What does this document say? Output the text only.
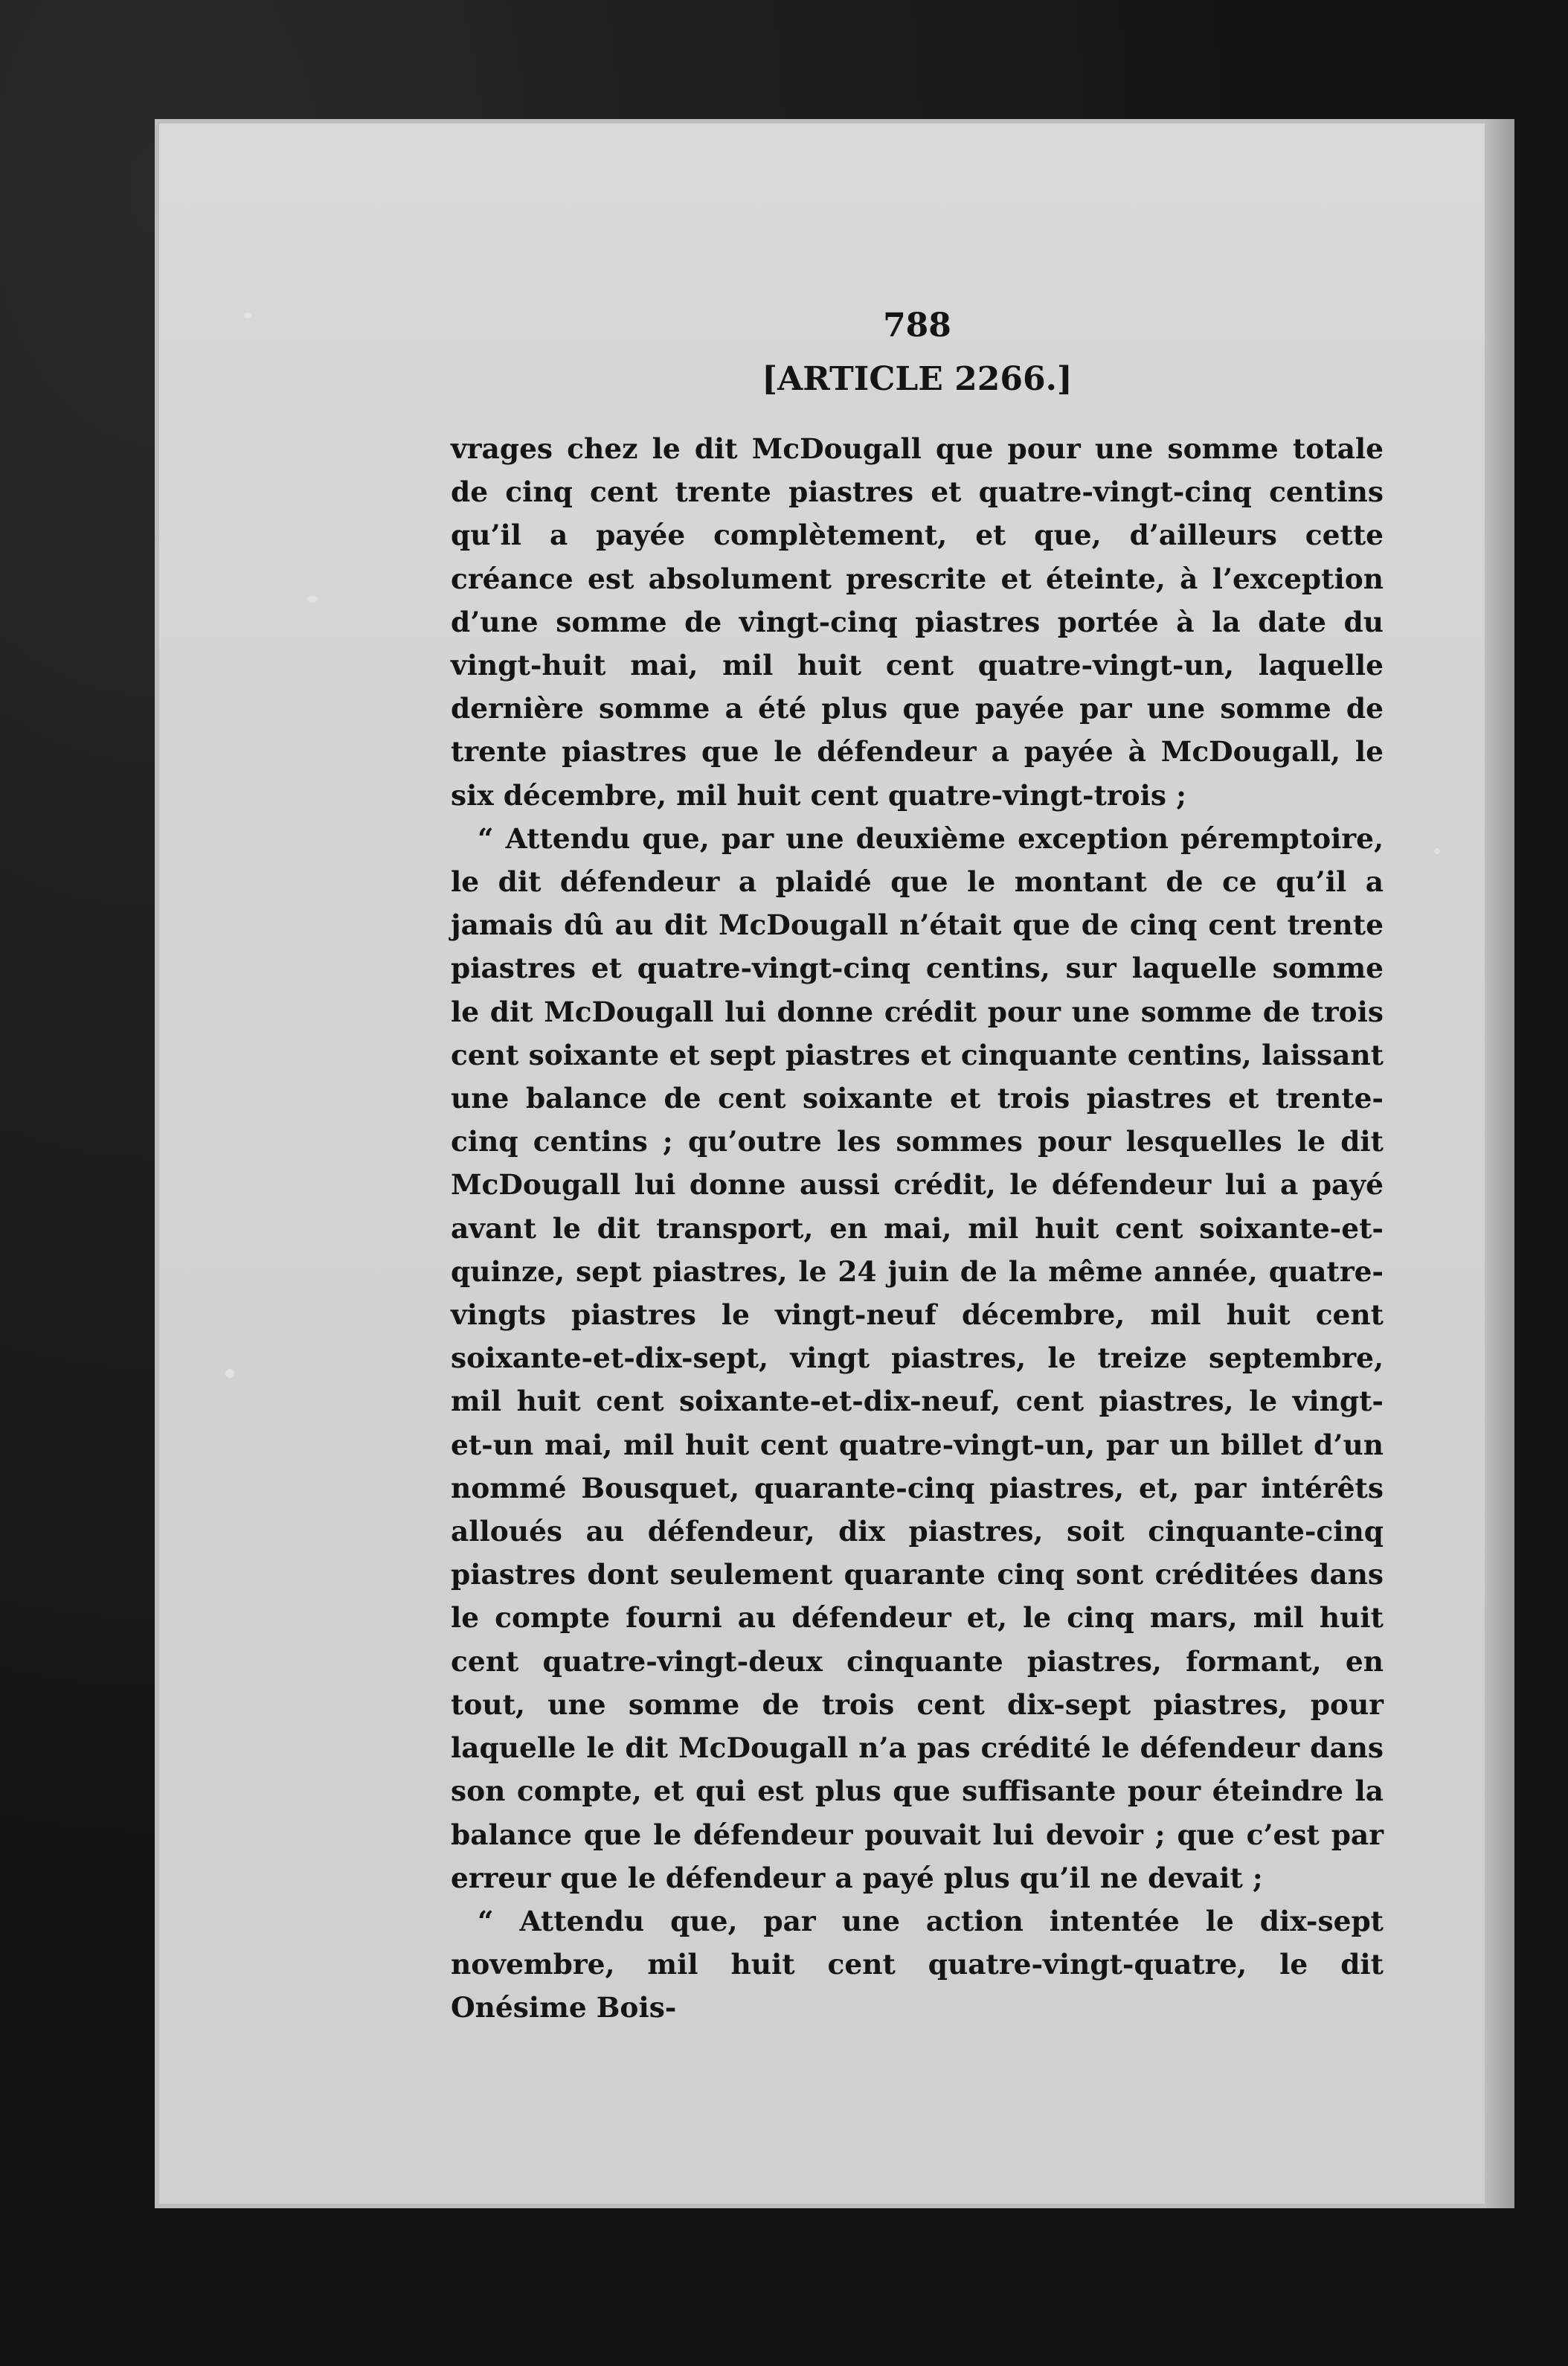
788
[ARTICLE 2266.]

vrages chez le dit McDougall que pour une somme totale de cinq cent trente piastres et quatre-vingt-cinq centins qu’il a payée complètement, et que, d’ailleurs cette créance est absolument prescrite et éteinte, à l’exception d’une somme de vingt-cinq piastres portée à la date du vingt-huit mai, mil huit cent quatre-vingt-un, laquelle dernière somme a été plus que payée par une somme de trente piastres que le défendeur a payée à McDougall, le six décembre, mil huit cent quatre-vingt-trois ;

“ Attendu que, par une deuxième exception péremptoire, le dit défendeur a plaidé que le montant de ce qu’il a jamais dû au dit McDougall n’était que de cinq cent trente piastres et quatre-vingt-cinq centins, sur laquelle somme le dit McDougall lui donne crédit pour une somme de trois cent soixante et sept piastres et cinquante centins, laissant une balance de cent soixante et trois piastres et trente-cinq centins ; qu’outre les sommes pour lesquelles le dit McDougall lui donne aussi crédit, le défendeur lui a payé avant le dit transport, en mai, mil huit cent soixante-et-quinze, sept piastres, le 24 juin de la même année, quatre-vingts piastres le vingt-neuf décembre, mil huit cent soixante-et-dix-sept, vingt piastres, le treize septembre, mil huit cent soixante-et-dix-neuf, cent piastres, le vingt-et-un mai, mil huit cent quatre-vingt-un, par un billet d’un nommé Bousquet, quarante-cinq piastres, et, par intérêts alloués au défendeur, dix piastres, soit cinquante-cinq piastres dont seulement quarante cinq sont créditées dans le compte fourni au défendeur et, le cinq mars, mil huit cent quatre-vingt-deux cinquante piastres, formant, en tout, une somme de trois cent dix-sept piastres, pour laquelle le dit McDougall n’a pas crédité le défendeur dans son compte, et qui est plus que suffisante pour éteindre la balance que le défendeur pouvait lui devoir ; que c’est par erreur que le défendeur a payé plus qu’il ne devait ;

“ Attendu que, par une action intentée le dix-sept novembre, mil huit cent quatre-vingt-quatre, le dit Onésime Bois-
